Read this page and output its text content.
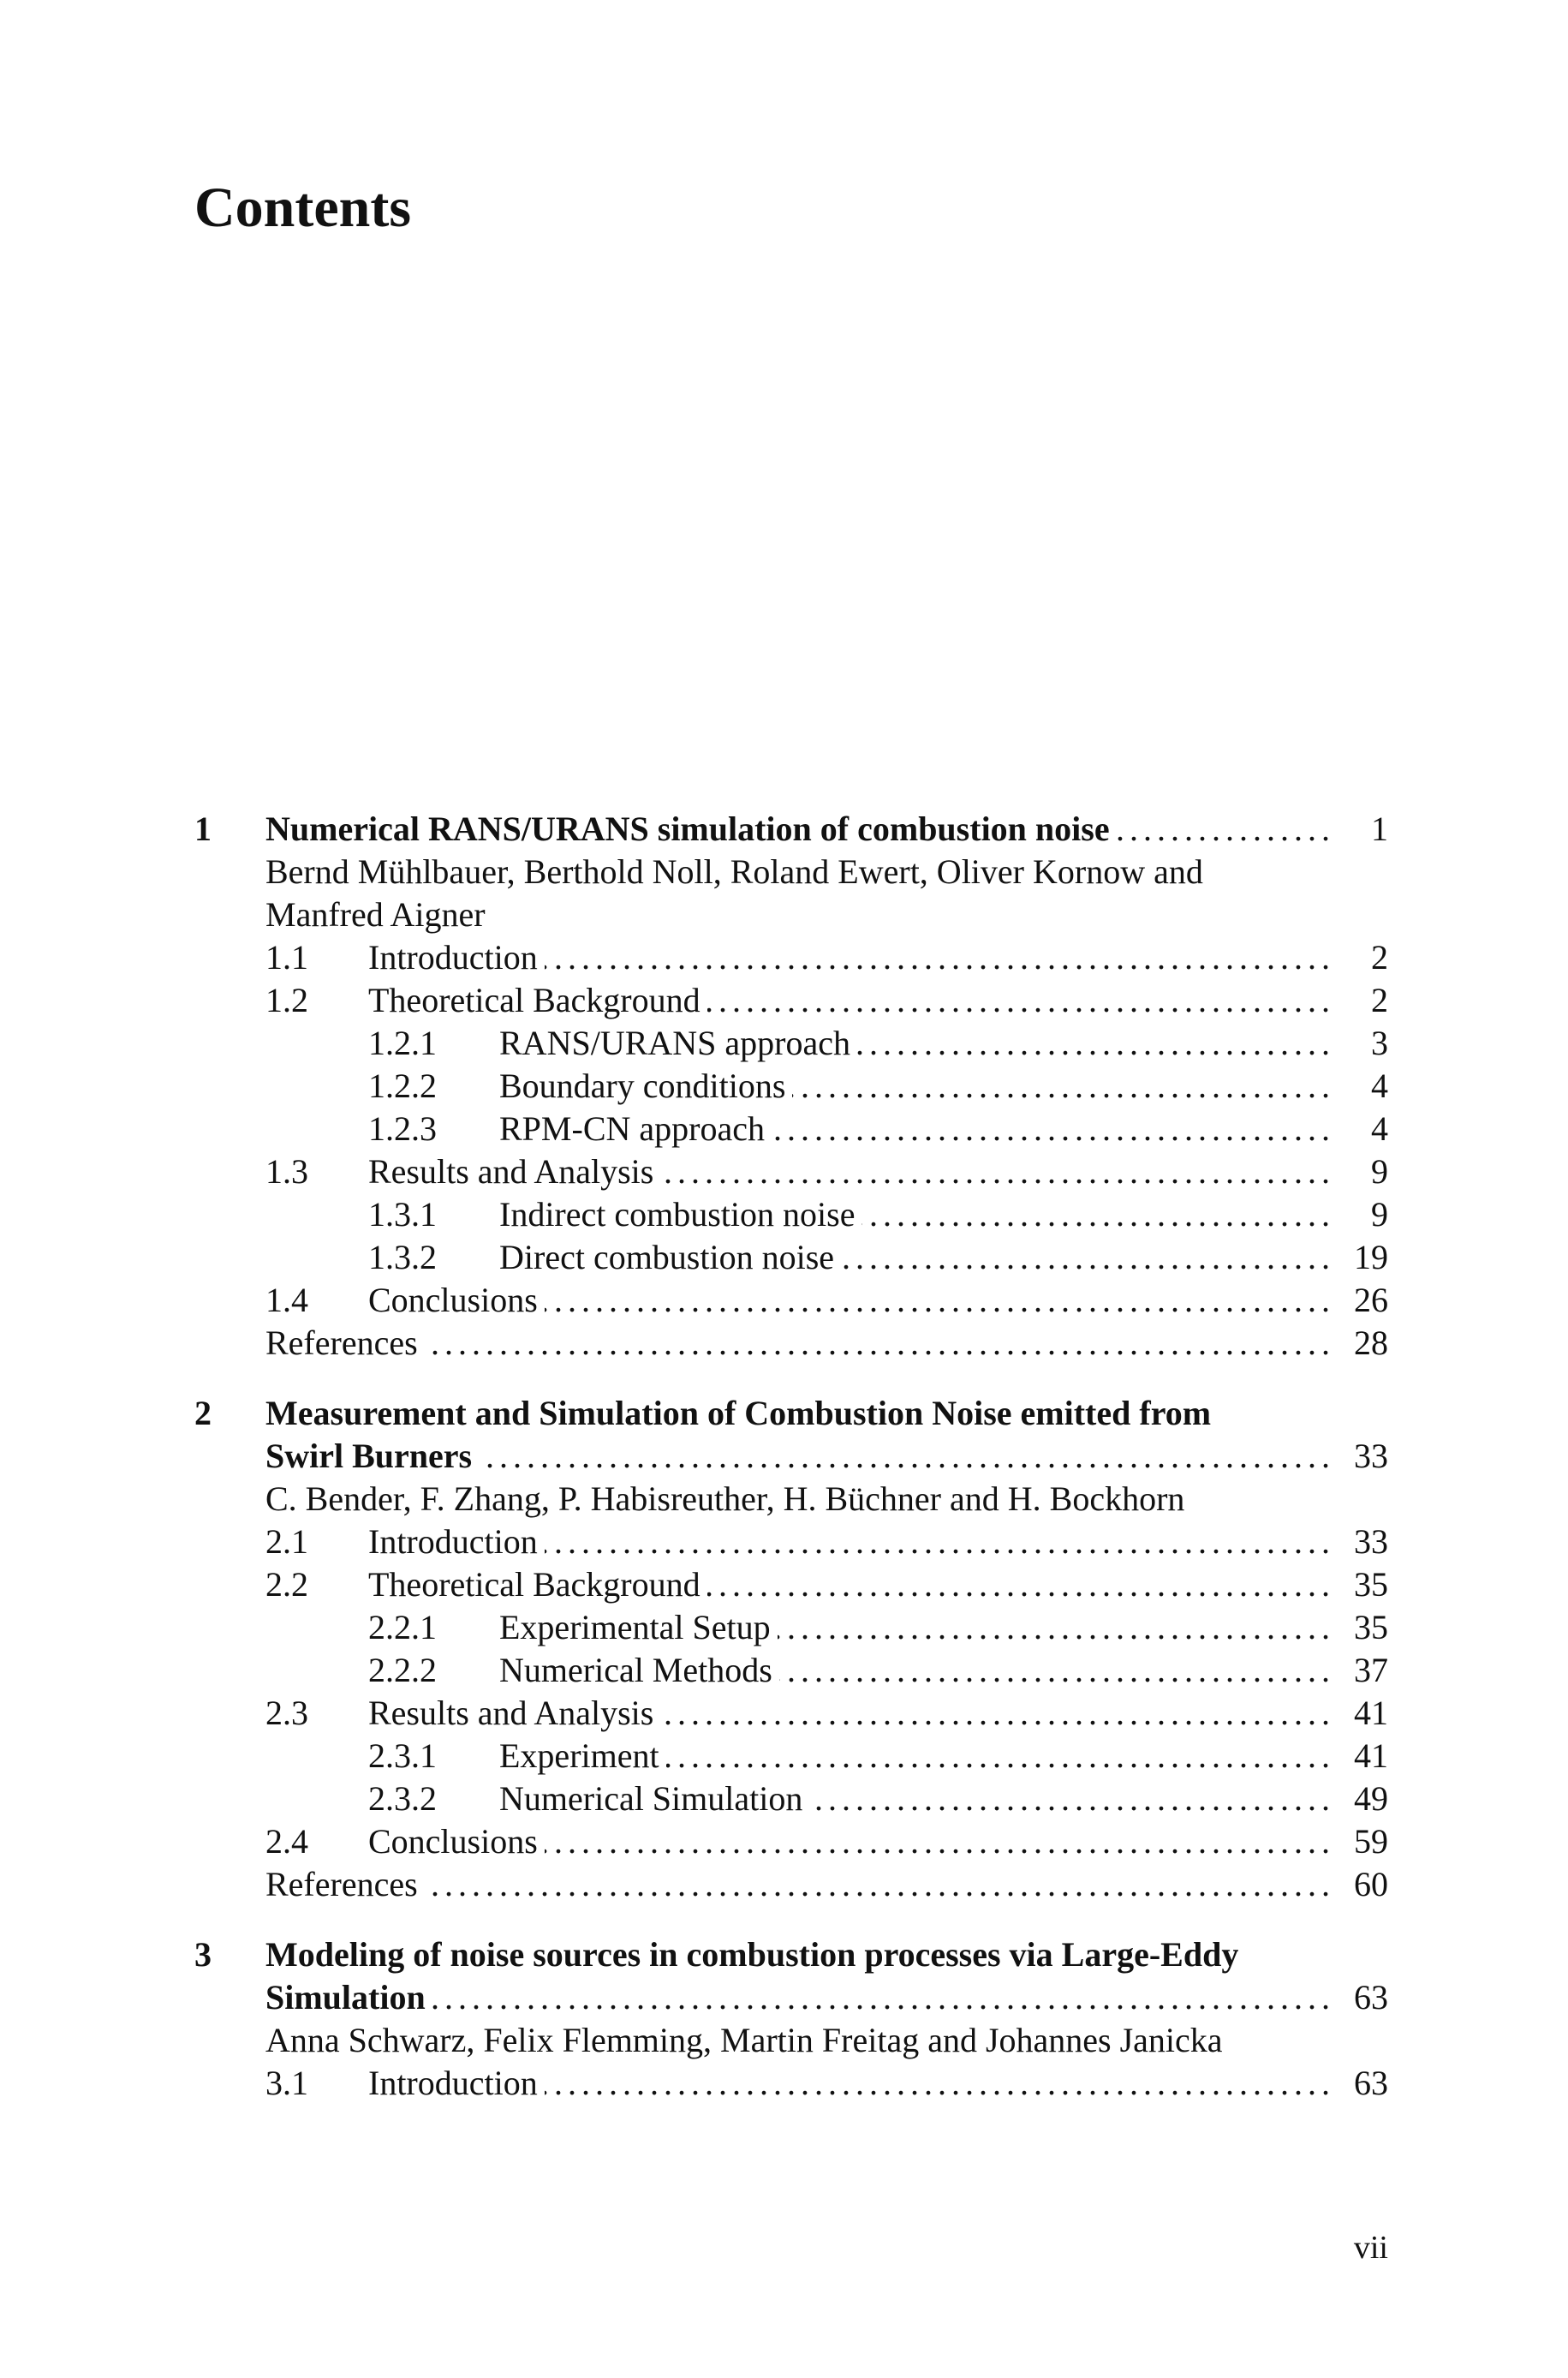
Contents
1 Numerical RANS/URANS simulation of combustion noise . . .	1
Bernd Mühlbauer, Berthold Noll, Roland Ewert, Oliver Kornow and
Manfred Aigner
1.1 Introduction . . .	2
1.2 Theoretical Background . . .	2
1.2.1 RANS/URANS approach . . .	3
1.2.2 Boundary conditions . . .	4
1.2.3 RPM-CN approach . . .	4
1.3 Results and Analysis . . .	9
1.3.1 Indirect combustion noise . . .	9
1.3.2 Direct combustion noise . . .	19
1.4 Conclusions . . .	26
References . . .	28
2 Measurement and Simulation of Combustion Noise emitted from
Swirl Burners . . .	33
C. Bender, F. Zhang, P. Habisreuther, H. Büchner and H. Bockhorn
2.1 Introduction . . .	33
2.2 Theoretical Background . . .	35
2.2.1 Experimental Setup . . .	35
2.2.2 Numerical Methods . . .	37
2.3 Results and Analysis . . .	41
2.3.1 Experiment . . .	41
2.3.2 Numerical Simulation . . .	49
2.4 Conclusions . . .	59
References . . .	60
3 Modeling of noise sources in combustion processes via Large-Eddy
Simulation . . .	63
Anna Schwarz, Felix Flemming, Martin Freitag and Johannes Janicka
3.1 Introduction . . .	63
vii
